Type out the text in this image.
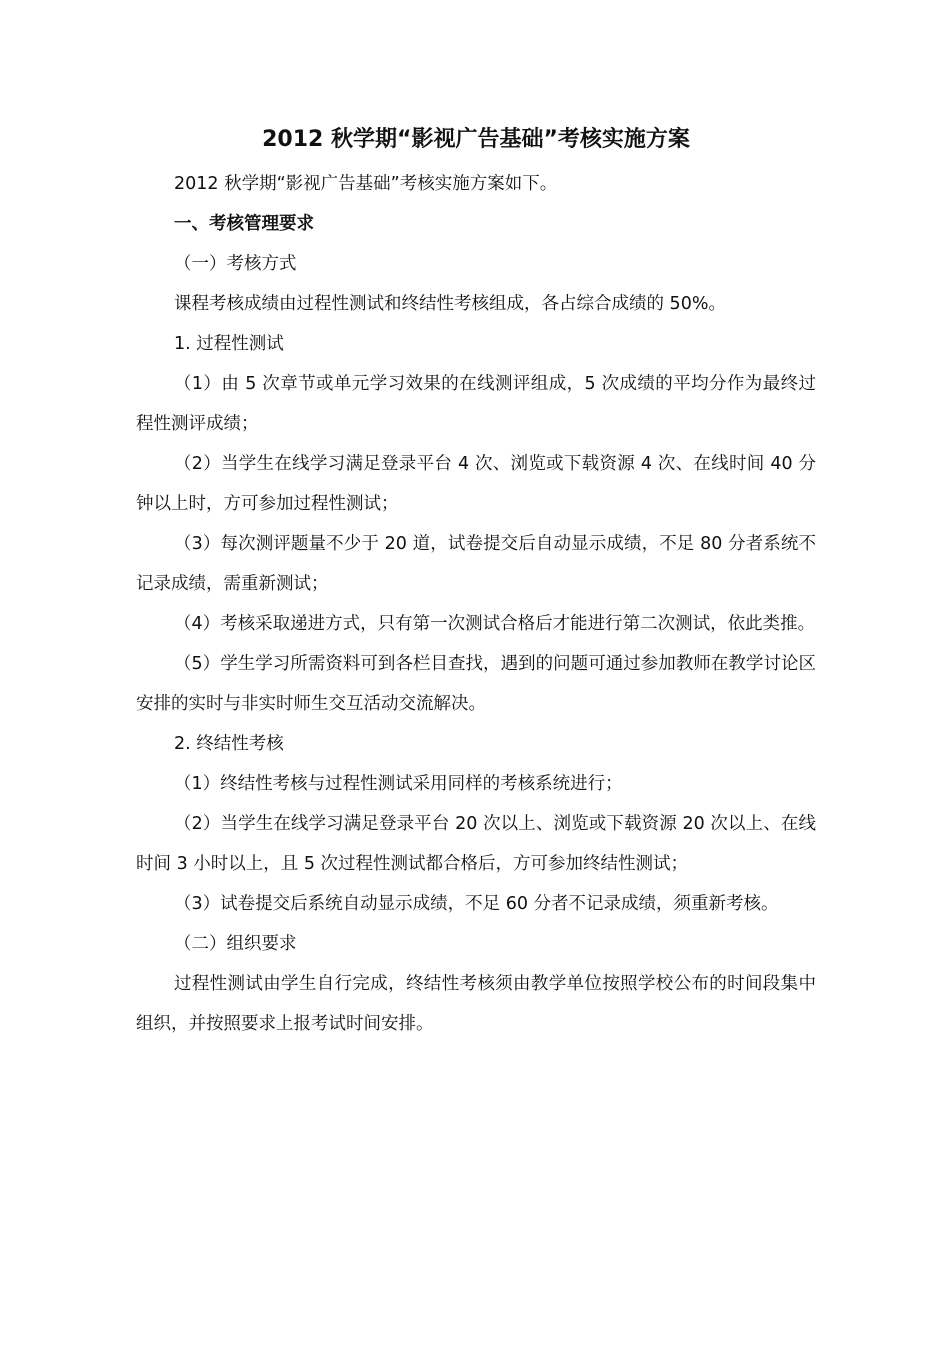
2012 秋学期“影视广告基础”考核实施方案

2012 秋学期“影视广告基础”考核实施方案如下。

一、考核管理要求

（一）考核方式

课程考核成绩由过程性测试和终结性考核组成，各占综合成绩的 50%。

1. 过程性测试

（1）由 5 次章节或单元学习效果的在线测评组成，5 次成绩的平均分作为最终过程性测评成绩；

（2）当学生在线学习满足登录平台 4 次、浏览或下载资源 4 次、在线时间 40 分钟以上时，方可参加过程性测试；

（3）每次测评题量不少于 20 道，试卷提交后自动显示成绩，不足 80 分者系统不记录成绩，需重新测试；

（4）考核采取递进方式，只有第一次测试合格后才能进行第二次测试，依此类推。

（5）学生学习所需资料可到各栏目查找，遇到的问题可通过参加教师在教学讨论区安排的实时与非实时师生交互活动交流解决。

2. 终结性考核

（1）终结性考核与过程性测试采用同样的考核系统进行；

（2）当学生在线学习满足登录平台 20 次以上、浏览或下载资源 20 次以上、在线时间 3 小时以上，且 5 次过程性测试都合格后，方可参加终结性测试；

（3）试卷提交后系统自动显示成绩，不足 60 分者不记录成绩，须重新考核。

（二）组织要求

过程性测试由学生自行完成，终结性考核须由教学单位按照学校公布的时间段集中组织，并按照要求上报考试时间安排。
